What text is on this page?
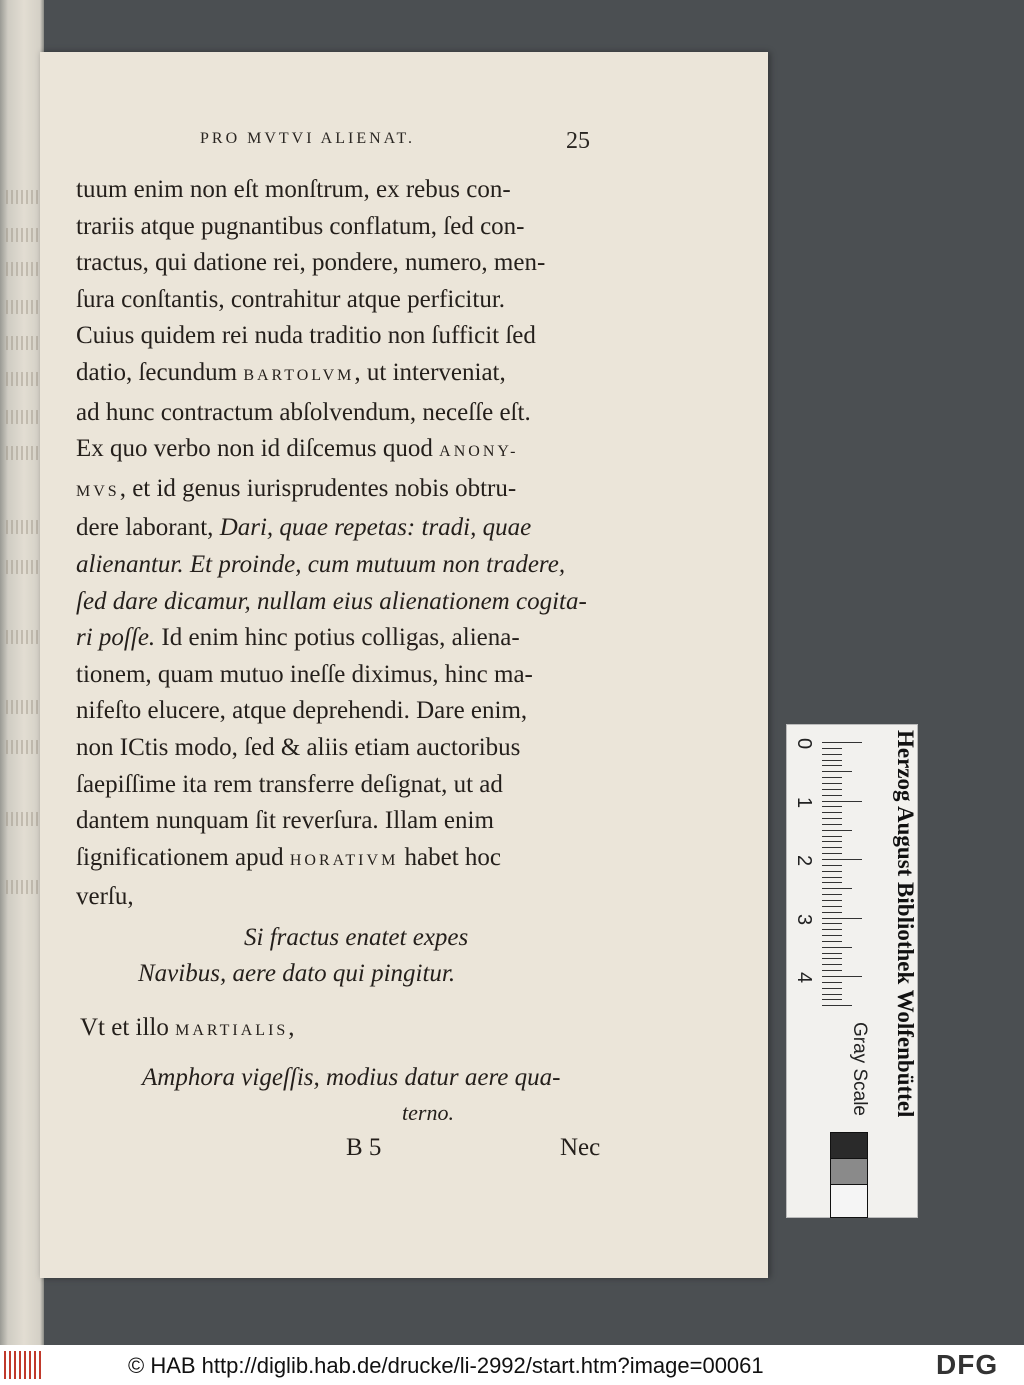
PRO MVTVI ALIENAT.	25
tuum enim non eſt monſtrum, ex rebus con-
trariis atque pugnantibus conflatum, ſed con-
tractus, qui datione rei, pondere, numero, men-
ſura conſtantis, contrahitur atque perficitur.
Cuius quidem rei nuda traditio non ſufficit ſed
datio, ſecundum BARTOLVM, ut interveniat,
ad hunc contractum abſolvendum, neceſſe eſt.
Ex quo verbo non id diſcemus quod ANONY-
MVS, et id genus iurisprudentes nobis obtru-
dere laborant, Dari, quae repetas: tradi, quae
alienantur. Et proinde, cum mutuum non tradere,
ſed dare dicamur, nullam eius alienationem cogita-
ri poſſe. Id enim hinc potius colligas, aliena-
tionem, quam mutuo ineſſe diximus, hinc ma-
nifeſto elucere, atque deprehendi. Dare enim,
non ICtis modo, ſed & aliis etiam auctoribus
ſaepiſſime ita rem transferre deſignat, ut ad
dantem nunquam ſit reverſura. Illam enim
ſignificationem apud HORATIVM habet hoc
verſu,
Si fractus enatet expes
Navibus, aere dato qui pingitur.
Vt et illo MARTIALIS,
Amphora vigeſſis, modius datur aere qua-
terno.
B 5	Nec
0
1
2
3
4	Herzog August Bibliothek Wolfenbüttel
Gray Scale
© HAB http://diglib.hab.de/drucke/li-2992/start.htm?image=00061	DFG
